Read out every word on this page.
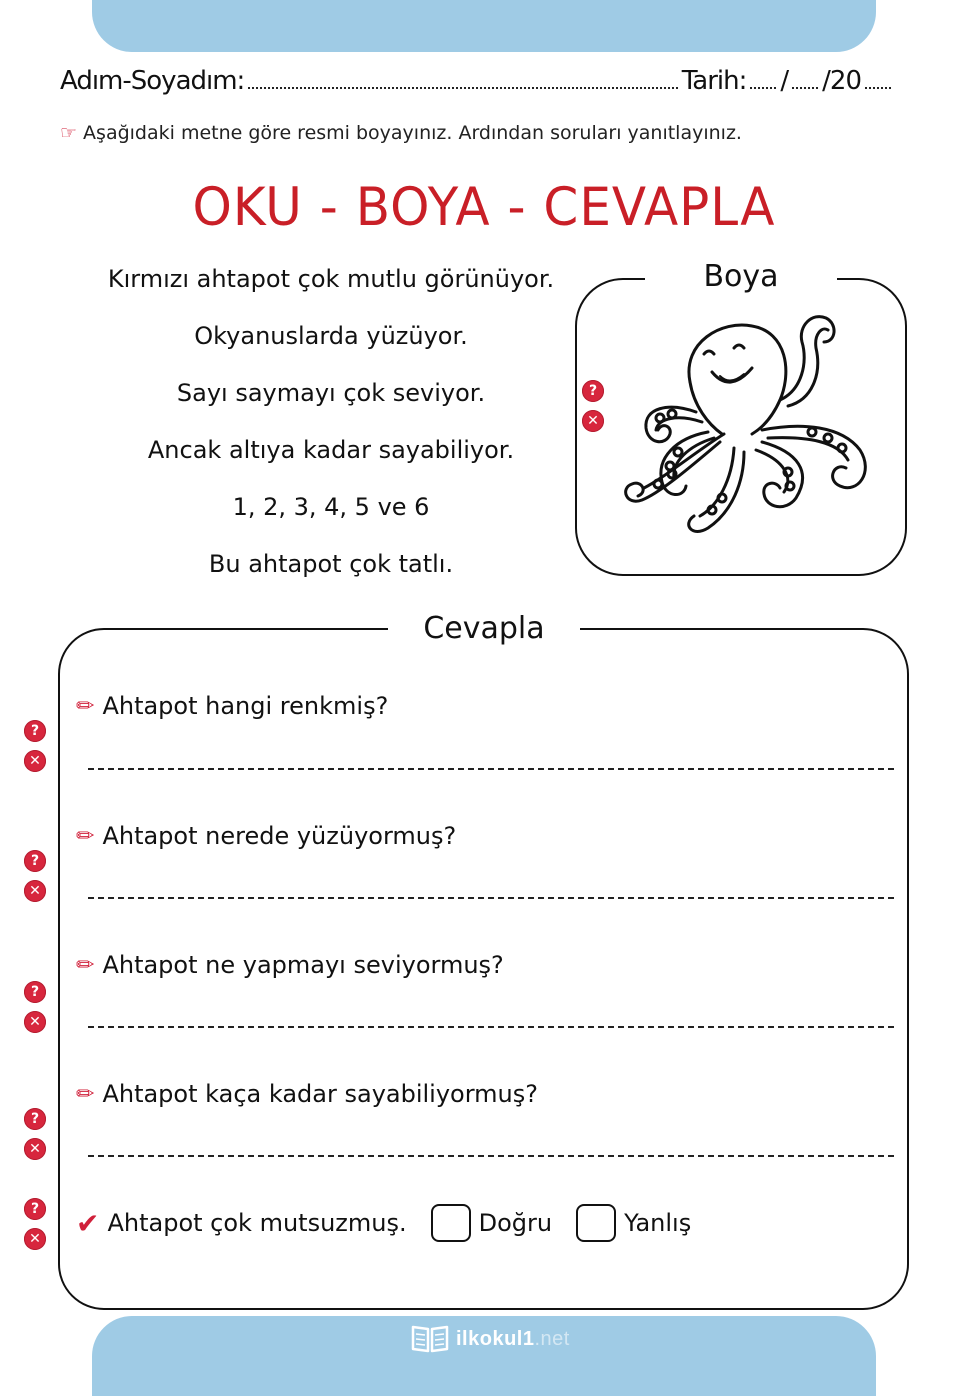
Adım-Soyadım:	Tarih: / /20
☞ Aşağıdaki metne göre resmi boyayınız. Ardından soruları yanıtlayınız.
OKU - BOYA - CEVAPLA
Kırmızı ahtapot çok mutlu görünüyor.
Okyanuslarda yüzüyor.
Sayı saymayı çok seviyor.
Ancak altıya kadar sayabiliyor.
1, 2, 3, 4, 5 ve 6
Bu ahtapot çok tatlı.
Boya
?
✕
Cevapla
✏ Ahtapot hangi renkmiş?
✏ Ahtapot nerede yüzüyormuş?
✏ Ahtapot ne yapmayı seviyormuş?
✏ Ahtapot kaça kadar sayabiliyormuş?
✔ Ahtapot çok mutsuzmuş.	Doğru	Yanlış
?
✕
?
✕
?
✕
?
✕
?
✕
ilkokul1.net
